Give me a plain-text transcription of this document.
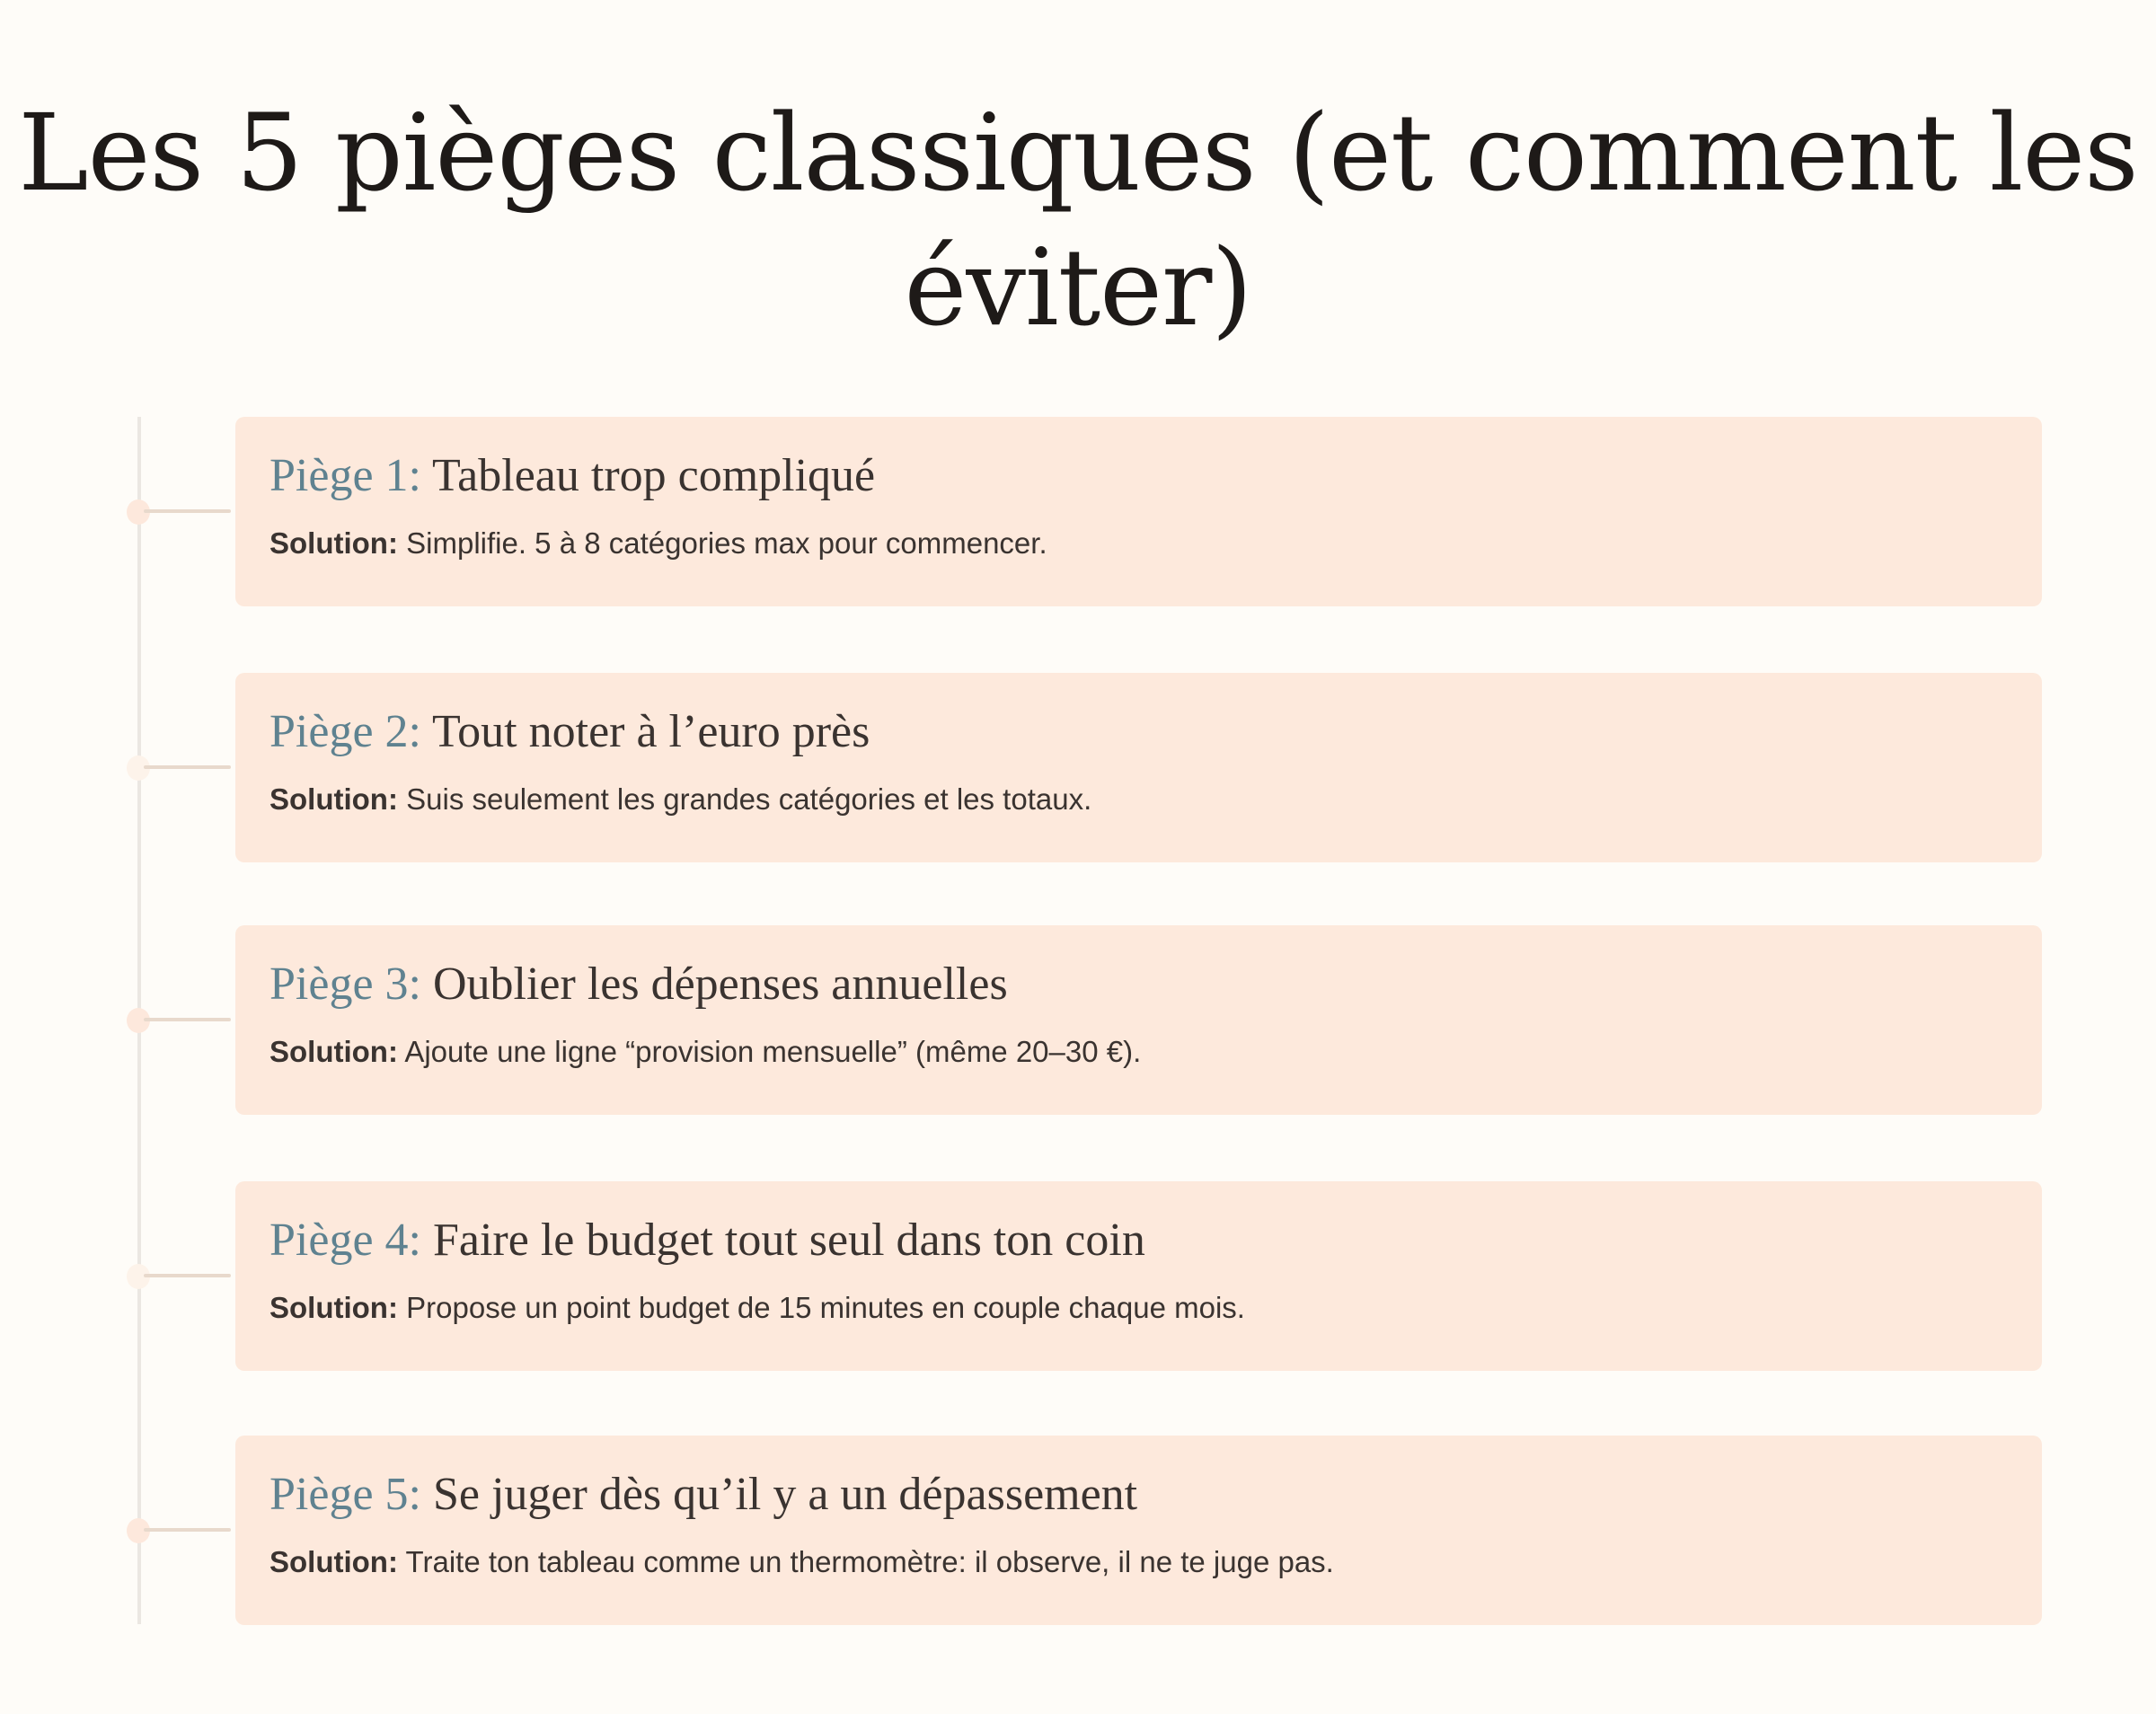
Les 5 pièges classiques (et comment les éviter)
Piège 1: Tableau trop compliqué
Solution: Simplifie. 5 à 8 catégories max pour commencer.
Piège 2: Tout noter à l’euro près
Solution: Suis seulement les grandes catégories et les totaux.
Piège 3: Oublier les dépenses annuelles
Solution: Ajoute une ligne “provision mensuelle” (même 20–30 €).
Piège 4: Faire le budget tout seul dans ton coin
Solution: Propose un point budget de 15 minutes en couple chaque mois.
Piège 5: Se juger dès qu’il y a un dépassement
Solution: Traite ton tableau comme un thermomètre: il observe, il ne te juge pas.
